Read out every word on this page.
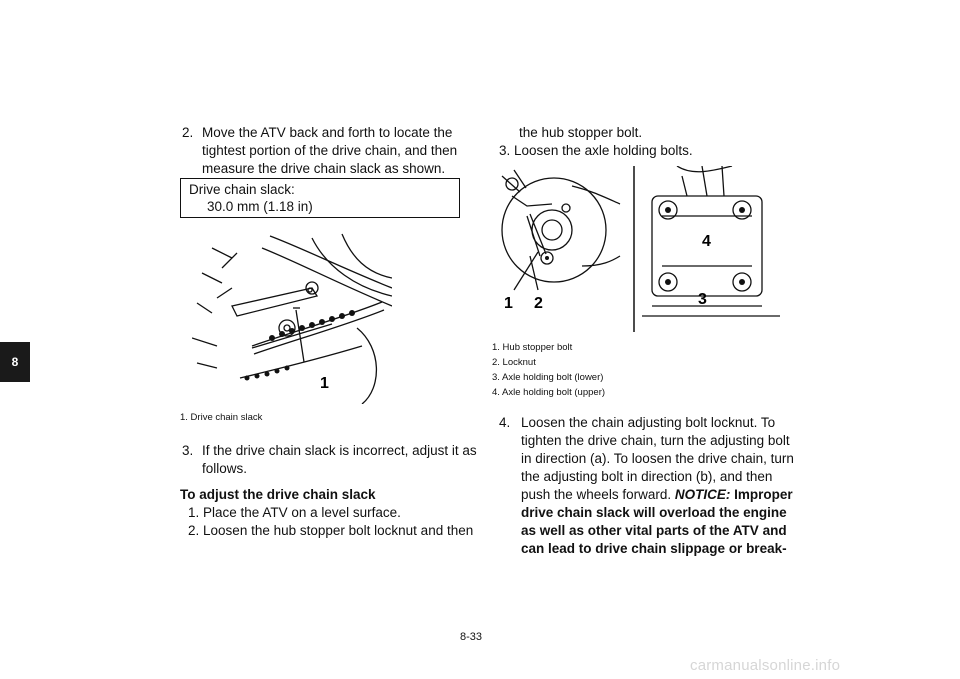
8
2. Move the ATV back and forth to locate the
tightest portion of the drive chain, and then
measure the drive chain slack as shown.
Drive chain slack:
30.0 mm (1.18 in)
1
1. Drive chain slack
3. If the drive chain slack is incorrect, adjust it as
follows.
To adjust the drive chain slack
1. Place the ATV on a level surface.
2. Loosen the hub stopper bolt locknut and then
the hub stopper bolt.
3. Loosen the axle holding bolts.
1 2	3
4
1. Hub stopper bolt
2. Locknut
3. Axle holding bolt (lower)
4. Axle holding bolt (upper)
4. Loosen the chain adjusting bolt locknut. To
tighten the drive chain, turn the adjusting bolt
in direction (a). To loosen the drive chain, turn
the adjusting bolt in direction (b), and then
push the wheels forward. NOTICE: Improper
drive chain slack will overload the engine
as well as other vital parts of the ATV and
can lead to drive chain slippage or break-
8-33
carmanualsonline.info
